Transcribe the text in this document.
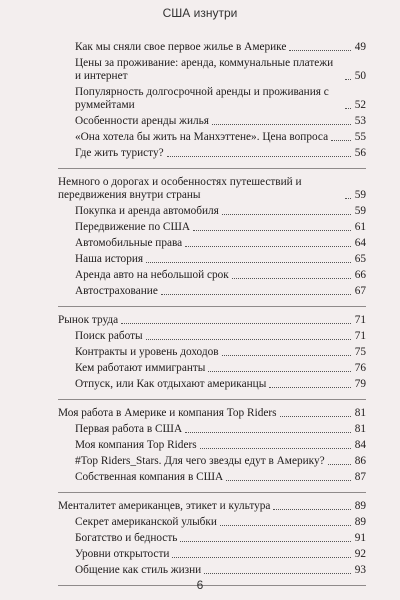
США изнутри
Как мы сняли свое первое жилье в Америке	49
Цены за проживание: аренда, коммунальные платежи и интернет	50
Популярность долгосрочной аренды и проживания с руммейтами	52
Особенности аренды жилья	53
«Она хотела бы жить на Манхэттене». Цена вопроса 55
Где жить туристу?	56
Немного о дорогах и особенностях путешествий и передвижения внутри страны	59
Покупка и аренда автомобиля	59
Передвижение по США	61
Автомобильные права	64
Наша история	65
Аренда авто на небольшой срок	66
Автострахование	67
Рынок труда	71
Поиск работы	71
Контракты и уровень доходов	75
Кем работают иммигранты	76
Отпуск, или Как отдыхают американцы	79
Моя работа в Америке и компания Top Riders	81
Первая работа в США	81
Моя компания Top Riders	84
#Top Riders_Stars. Для чего звезды едут в Америку?	86
Собственная компания в США	87
Менталитет американцев, этикет и культура	89
Секрет американской улыбки	89
Богатство и бедность	91
Уровни открытости	92
Общение как стиль жизни	93
6
